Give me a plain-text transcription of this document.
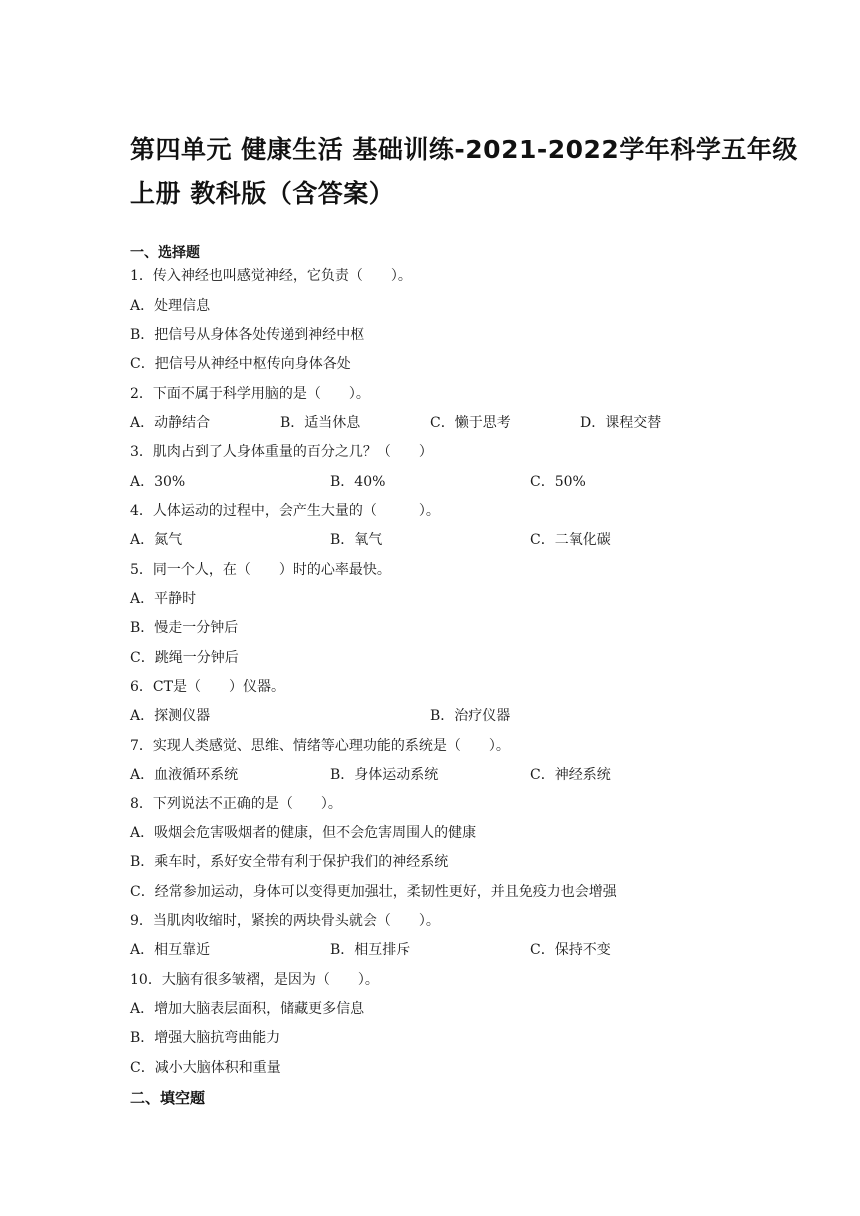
第四单元 健康生活 基础训练-2021-2022学年科学五年级
上册 教科版（含答案）
一、选择题
1．传入神经也叫感觉神经，它负责（　　）。
A．处理信息
B．把信号从身体各处传递到神经中枢
C．把信号从神经中枢传向身体各处
2．下面不属于科学用脑的是（　　）。
A．动静结合	B．适当休息	C．懒于思考	D．课程交替
3．肌肉占到了人身体重量的百分之几？（　　）
A．30%	B．40%	C．50%
4．人体运动的过程中，会产生大量的（　　　）。
A．氮气	B．氧气	C．二氧化碳
5．同一个人，在（　　）时的心率最快。
A．平静时
B．慢走一分钟后
C．跳绳一分钟后
6．CT是（　　）仪器。
A．探测仪器	B．治疗仪器
7．实现人类感觉、思维、情绪等心理功能的系统是（　　）。
A．血液循环系统	B．身体运动系统	C．神经系统
8．下列说法不正确的是（　　）。
A．吸烟会危害吸烟者的健康，但不会危害周围人的健康
B．乘车时，系好安全带有利于保护我们的神经系统
C．经常参加运动，身体可以变得更加强壮，柔韧性更好，并且免疫力也会增强
9．当肌肉收缩时，紧挨的两块骨头就会（　　）。
A．相互靠近	B．相互排斥	C．保持不变
10．大脑有很多皱褶，是因为（　　）。
A．增加大脑表层面积，储藏更多信息
B．增强大脑抗弯曲能力
C．减小大脑体积和重量
二、填空题
